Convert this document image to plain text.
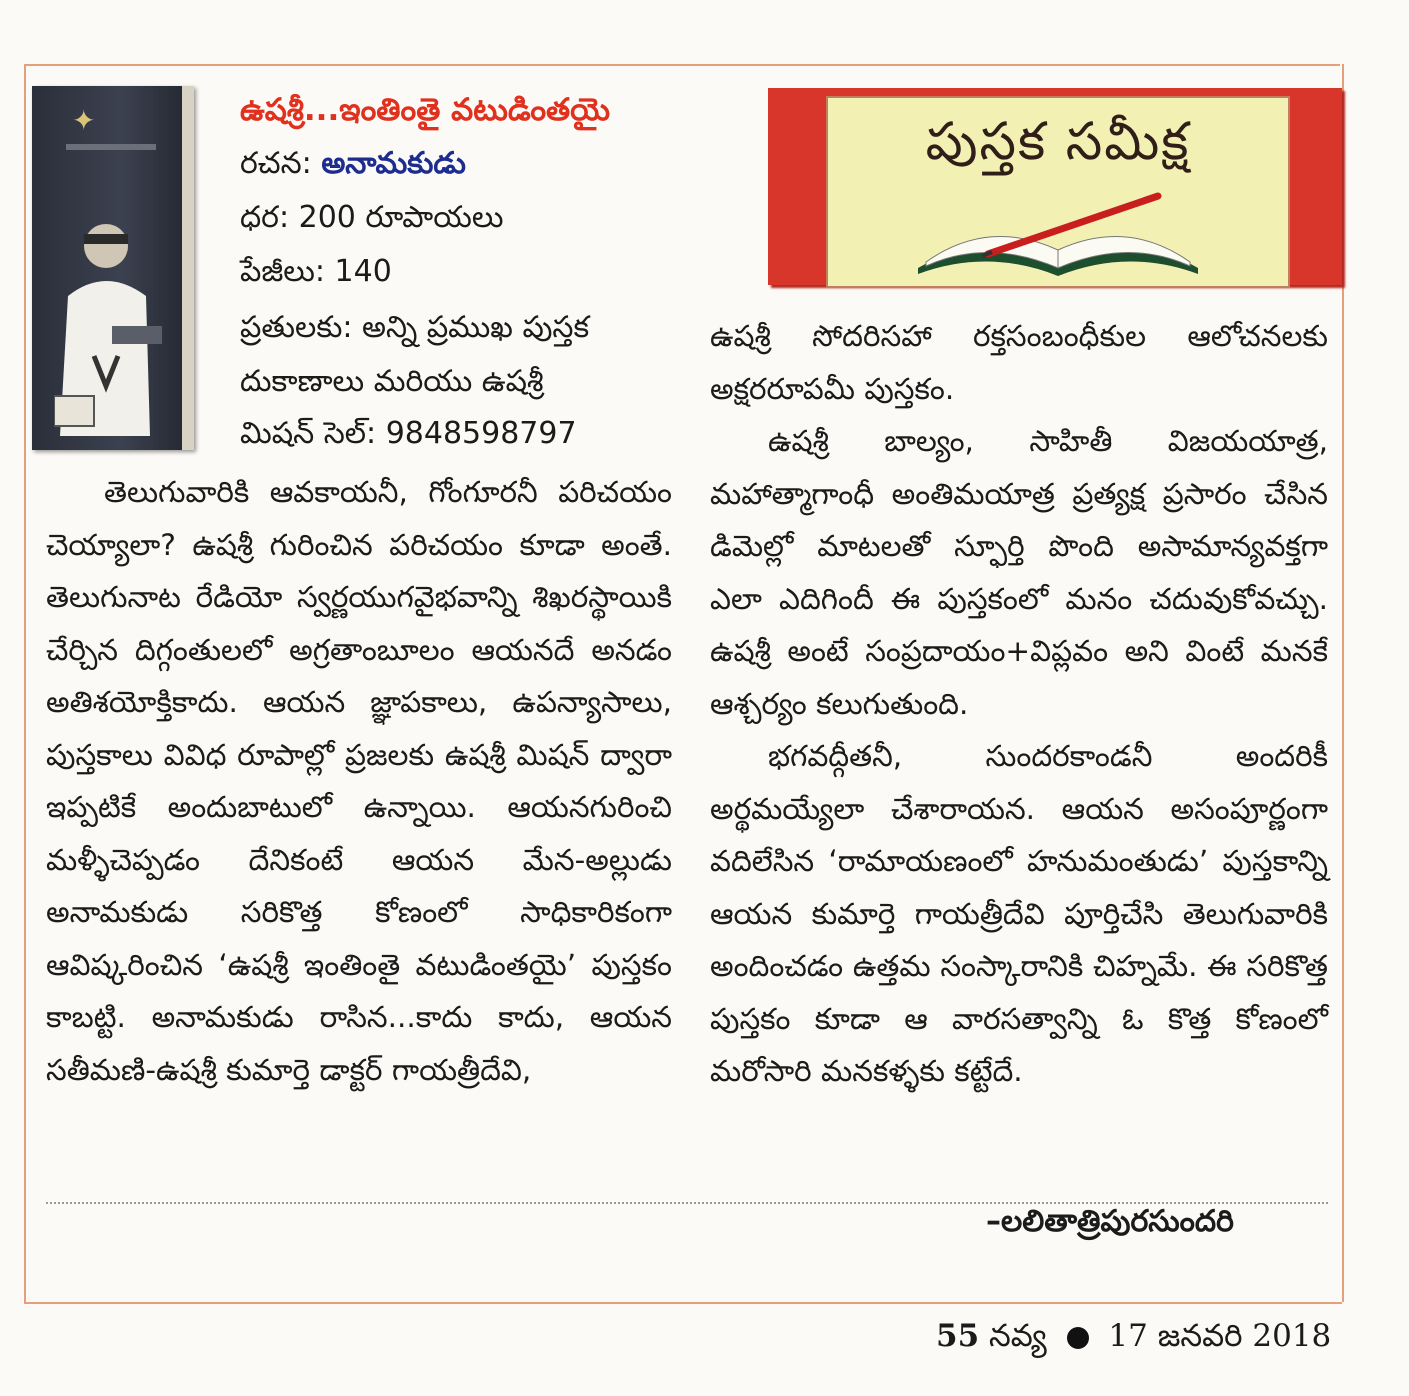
✦	ఉషశ్రీ...ఇంతింతై వటుడింతయై
రచన: అనామకుడు
ధర: 200 రూపాయలు
పేజీలు: 140
ప్రతులకు: అన్ని ప్రముఖ పుస్తక
దుకాణాలు మరియు ఉషశ్రీ
మిషన్ సెల్: 9848598797
పుస్తక సమీక్ష

తెలుగువారికి ఆవకాయనీ, గోంగూరనీ పరిచయం చెయ్యాలా? ఉషశ్రీ గురించిన పరిచయం కూడా అంతే. తెలుగునాట రేడియో స్వర్ణయుగవైభవాన్ని శిఖరస్థాయికి చేర్చిన దిగ్గంతులలో అగ్రతాంబూలం ఆయనదే అనడం అతిశయోక్తికాదు. ఆయన జ్ఞాపకాలు, ఉపన్యాసాలు, పుస్తకాలు వివిధ రూపాల్లో ప్రజలకు ఉషశ్రీ మిషన్ ద్వారా ఇప్పటికే అందుబాటులో ఉన్నాయి. ఆయనగురించి మళ్ళీచెప్పడం దేనికంటే ఆయన మేన-అల్లుడు అనామకుడు సరికొత్త కోణంలో సాధికారికంగా ఆవిష్కరించిన ‘ఉషశ్రీ ఇంతింతై వటుడింతయై’ పుస్తకం కాబట్టి. అనామకుడు రాసిన...కాదు కాదు, ఆయన సతీమణి-ఉషశ్రీ కుమార్తె డాక్టర్ గాయత్రీదేవి,

ఉషశ్రీ సోదరిసహా రక్తసంబంధీకుల ఆలోచనలకు అక్షరరూపమీ పుస్తకం.

ఉషశ్రీ బాల్యం, సాహితీ విజయయాత్ర, మహాత్మాగాంధీ అంతిమయాత్ర ప్రత్యక్ష ప్రసారం చేసిన డిమెల్లో మాటలతో స్ఫూర్తి పొంది అసామాన్యవక్తగా ఎలా ఎదిగిందీ ఈ పుస్తకంలో మనం చదువుకోవచ్చు. ఉషశ్రీ అంటే సంప్రదాయం+విప్లవం అని వింటే మనకే ఆశ్చర్యం కలుగుతుంది.

భగవద్గీతనీ, సుందరకాండనీ అందరికీ అర్థమయ్యేలా చేశారాయన. ఆయన అసంపూర్ణంగా వదిలేసిన ‘రామాయణంలో హనుమంతుడు’ పుస్తకాన్ని ఆయన కుమార్తె గాయత్రీదేవి పూర్తిచేసి తెలుగువారికి అందించడం ఉత్తమ సంస్కారానికి చిహ్నమే. ఈ సరికొత్త పుస్తకం కూడా ఆ వారసత్వాన్ని ఓ కొత్త కోణంలో మరోసారి మనకళ్ళకు కట్టేదే.

–లలితాత్రిపురసుందరి
55 నవ్య 17 జనవరి 2018
